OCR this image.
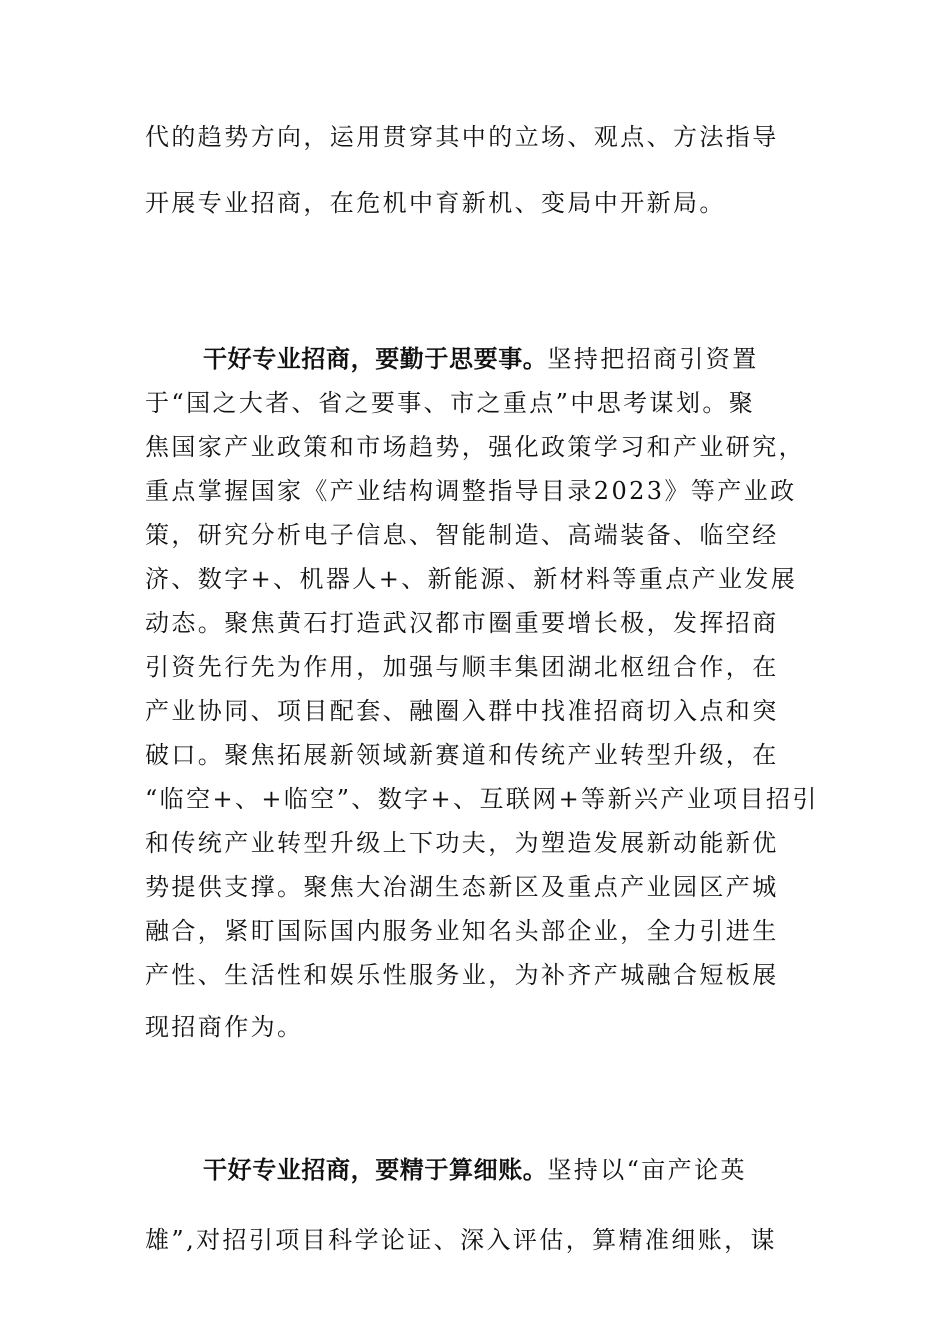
代的趋势方向，运用贯穿其中的立场、观点、方法指导
开展专业招商，在危机中育新机、变局中开新局。
干好专业招商，要勤于思要事。坚持把招商引资置
于“国之大者、省之要事、市之重点”中思考谋划。聚
焦国家产业政策和市场趋势，强化政策学习和产业研究，
重点掌握国家《产业结构调整指导目录2023》等产业政
策，研究分析电子信息、智能制造、高端装备、临空经
济、数字+、机器人+、新能源、新材料等重点产业发展
动态。聚焦黄石打造武汉都市圈重要增长极，发挥招商
引资先行先为作用，加强与顺丰集团湖北枢纽合作，在
产业协同、项目配套、融圈入群中找准招商切入点和突
破口。聚焦拓展新领域新赛道和传统产业转型升级，在
“临空+、+临空”、数字+、互联网+等新兴产业项目招引
和传统产业转型升级上下功夫，为塑造发展新动能新优
势提供支撑。聚焦大冶湖生态新区及重点产业园区产城
融合，紧盯国际国内服务业知名头部企业，全力引进生
产性、生活性和娱乐性服务业，为补齐产城融合短板展
现招商作为。
干好专业招商，要精于算细账。坚持以“亩产论英
雄”,对招引项目科学论证、深入评估，算精准细账，谋
